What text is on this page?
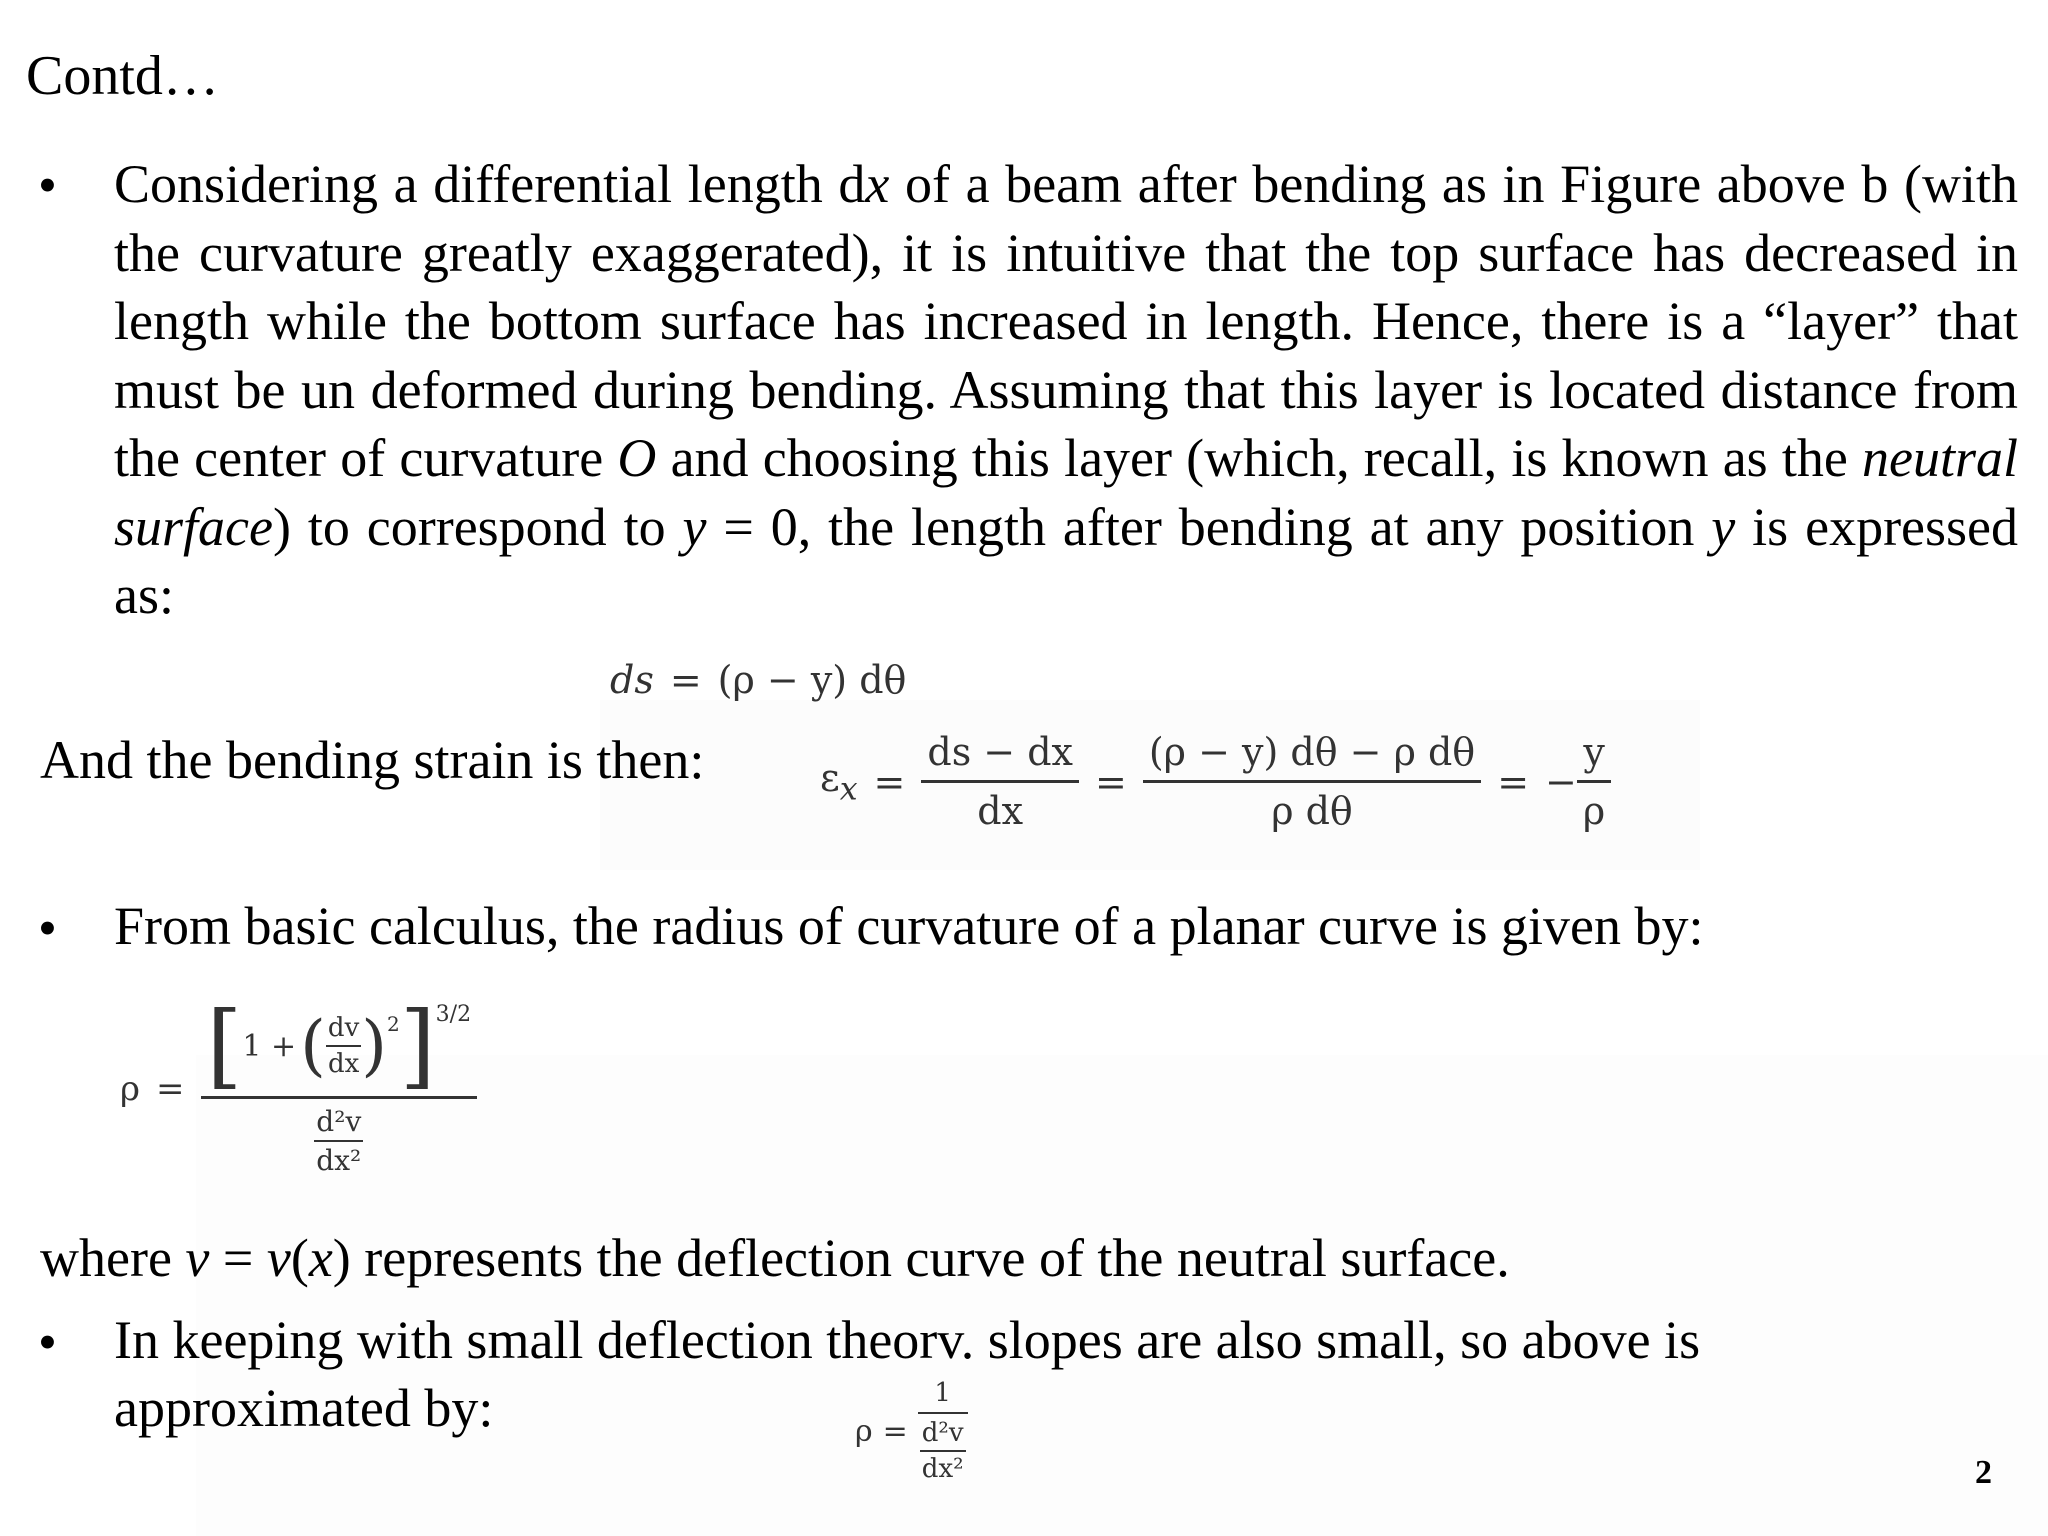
Contd…
• Considering a differential length dx of a beam after bending as in Figure above b (with the curvature greatly exaggerated), it is intuitive that the top surface has decreased in length while the bottom surface has increased in length. Hence, there is a “layer” that must be un deformed during bending. Assuming that this layer is located distance from the center of curvature O and choosing this layer (which, recall, is known as the neutral surface) to correspond to y = 0, the length after bending at any position y is expressed as:
ds = (ρ − y) dθ
And the bending strain is then:	$\varepsilon_x = \frac{ds - dx}{dx} = \frac{\text{(ρ − y) dθ − ρ dθ}}{\text{ρ dθ}}$ = − $\frac{y}{\rho}$
• From basic calculus, the radius of curvature of a planar curve is given by:
ρ = [ 1 + ( $\frac{dv}{dx} )^2$ ]$^{3/2}$
$\frac{\text{d²v}}{\text{dx²}}$
where v = v(x) represents the deflection curve of the neutral surface.
• In keeping with small deflection theorv. slopes are also small, so above is
approximated by:	$\rho = \frac{1}{\frac{\text{d²v}}{\text{dx²}}}$	2
